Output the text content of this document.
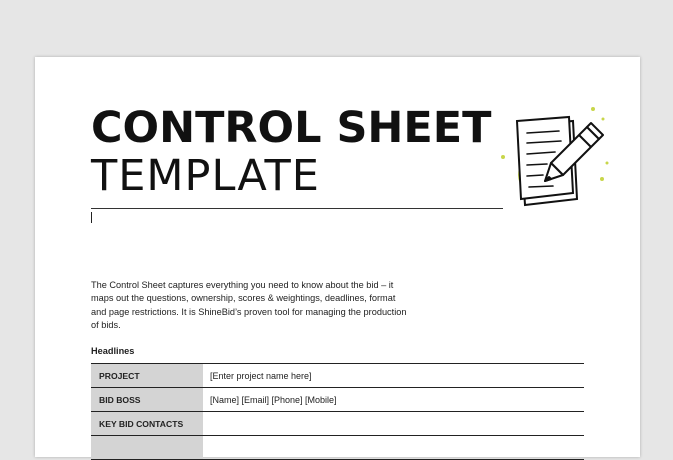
CONTROL SHEET
TEMPLATE
The Control Sheet captures everything you need to know about the bid – it maps out the questions, ownership, scores & weightings, deadlines, format and page restrictions. It is ShineBid’s proven tool for managing the production of bids.
Headlines
PROJECT	[Enter project name here]
BID BOSS	[Name] [Email] [Phone] [Mobile]
KEY BID CONTACTS
